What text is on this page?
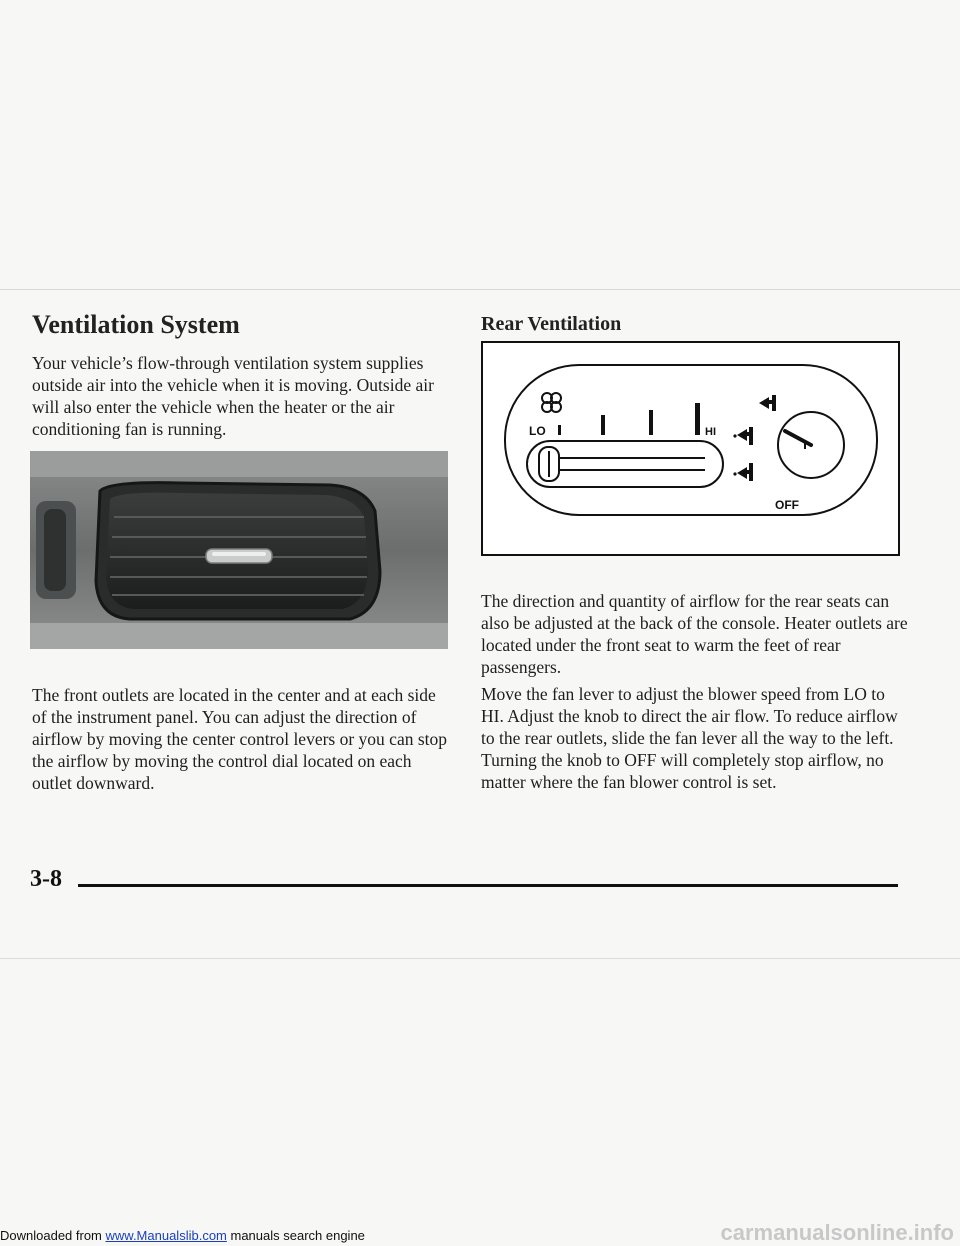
Ventilation System

Your vehicle’s flow-through ventilation system supplies outside air into the vehicle when it is moving. Outside air will also enter the vehicle when the heater or the air conditioning fan is running.

The front outlets are located in the center and at each side of the instrument panel. You can adjust the direction of airflow by moving the center control levers or you can stop the airflow by moving the control dial located on each outlet downward.

Rear Ventilation
LO	HI
OFF

The direction and quantity of airflow for the rear seats can also be adjusted at the back of the console. Heater outlets are located under the front seat to warm the feet of rear passengers.

Move the fan lever to adjust the blower speed from LO to HI. Adjust the knob to direct the air flow. To reduce airflow to the rear outlets, slide the fan lever all the way to the left. Turning the knob to OFF will completely stop airflow, no matter where the fan blower control is set.

3-8
Downloaded from www.Manualslib.com manuals search engine	carmanualsonline.info
